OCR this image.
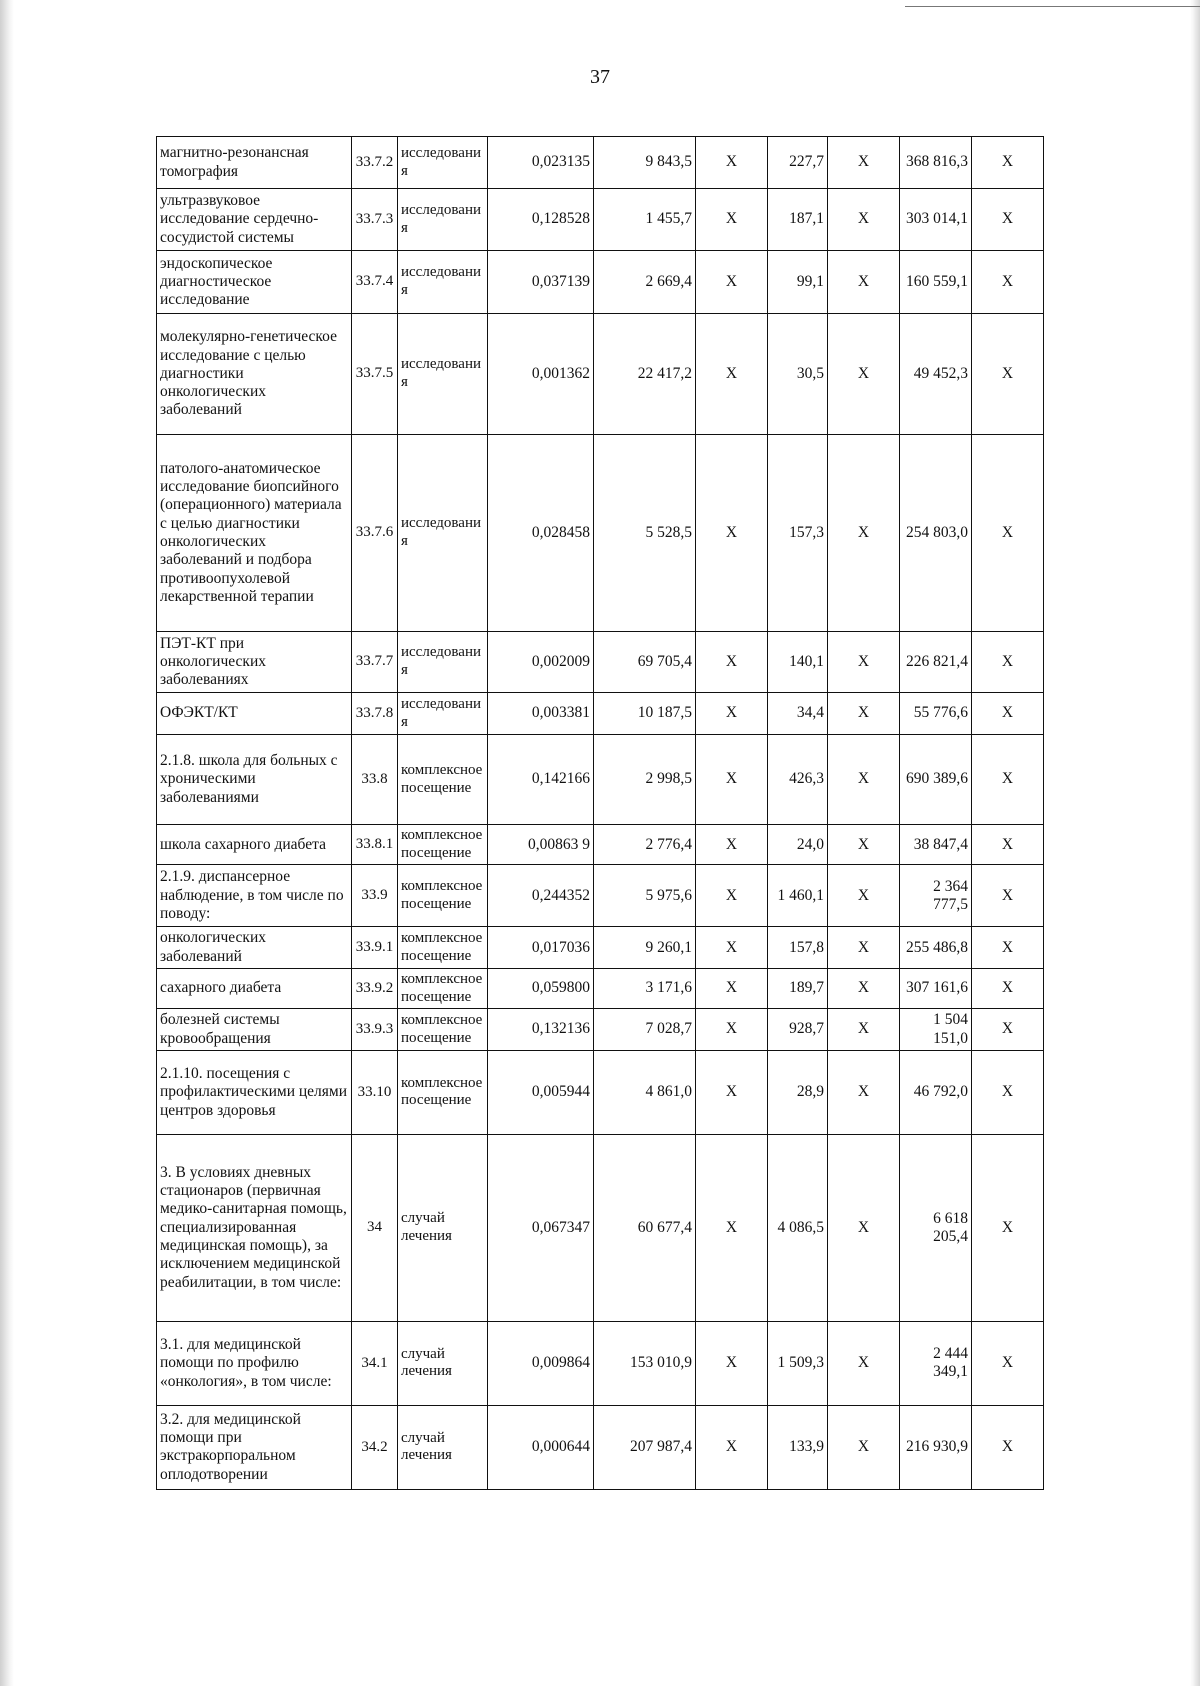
37
магнитно-резонансная томография	33.7.2	исследовани я	0,023135	9 843,5	Х	227,7	Х	368 816,3	Х
ультразвуковое исследование сердечно-сосудистой системы	33.7.3	исследовани я	0,128528	1 455,7	Х	187,1	Х	303 014,1	Х
эндоскопическое диагностическое исследование	33.7.4	исследовани я	0,037139	2 669,4	Х	99,1	Х	160 559,1	Х
молекулярно-генетическое исследование с целью диагностики онкологических заболеваний	33.7.5	исследовани я	0,001362	22 417,2	Х	30,5	Х	49 452,3	Х
патолого-анатомическое исследование биопсийного (операционного) материала с целью диагностики онкологических заболеваний и подбора противоопухолевой лекарственной терапии	33.7.6	исследовани я	0,028458	5 528,5	Х	157,3	Х	254 803,0	Х
ПЭТ-КТ при онкологических заболеваниях	33.7.7	исследовани я	0,002009	69 705,4	Х	140,1	Х	226 821,4	Х
ОФЭКТ/КТ	33.7.8	исследовани я	0,003381	10 187,5	Х	34,4	Х	55 776,6	Х
2.1.8. школа для больных с хроническими заболеваниями	33.8	комплексное посещение	0,142166	2 998,5	Х	426,3	Х	690 389,6	Х
школа сахарного диабета	33.8.1	комплексное посещение	0,00863 9	2 776,4	Х	24,0	Х	38 847,4	Х
2.1.9. диспансерное наблюдение, в том числе по поводу:	33.9	комплексное посещение	0,244352	5 975,6	Х	1 460,1	Х	2 364 777,5	Х
онкологических заболеваний	33.9.1	комплексное посещение	0,017036	9 260,1	Х	157,8	Х	255 486,8	Х
сахарного диабета	33.9.2	комплексное посещение	0,059800	3 171,6	Х	189,7	Х	307 161,6	Х
болезней системы кровообращения	33.9.3	комплексное посещение	0,132136	7 028,7	Х	928,7	Х	1 504 151,0	Х
2.1.10. посещения с профилактическими целями центров здоровья	33.10	комплексное посещение	0,005944	4 861,0	Х	28,9	Х	46 792,0	Х
3. В условиях дневных стационаров (первичная медико-санитарная помощь, специализированная медицинская помощь), за исключением медицинской реабилитации, в том числе:	34	случай лечения	0,067347	60 677,4	Х	4 086,5	Х	6 618 205,4	Х
3.1. для медицинской помощи по профилю «онкология», в том числе:	34.1	случай лечения	0,009864	153 010,9	Х	1 509,3	Х	2 444 349,1	Х
3.2. для медицинской помощи при экстракорпоральном оплодотворении	34.2	случай лечения	0,000644	207 987,4	Х	133,9	Х	216 930,9	Х
